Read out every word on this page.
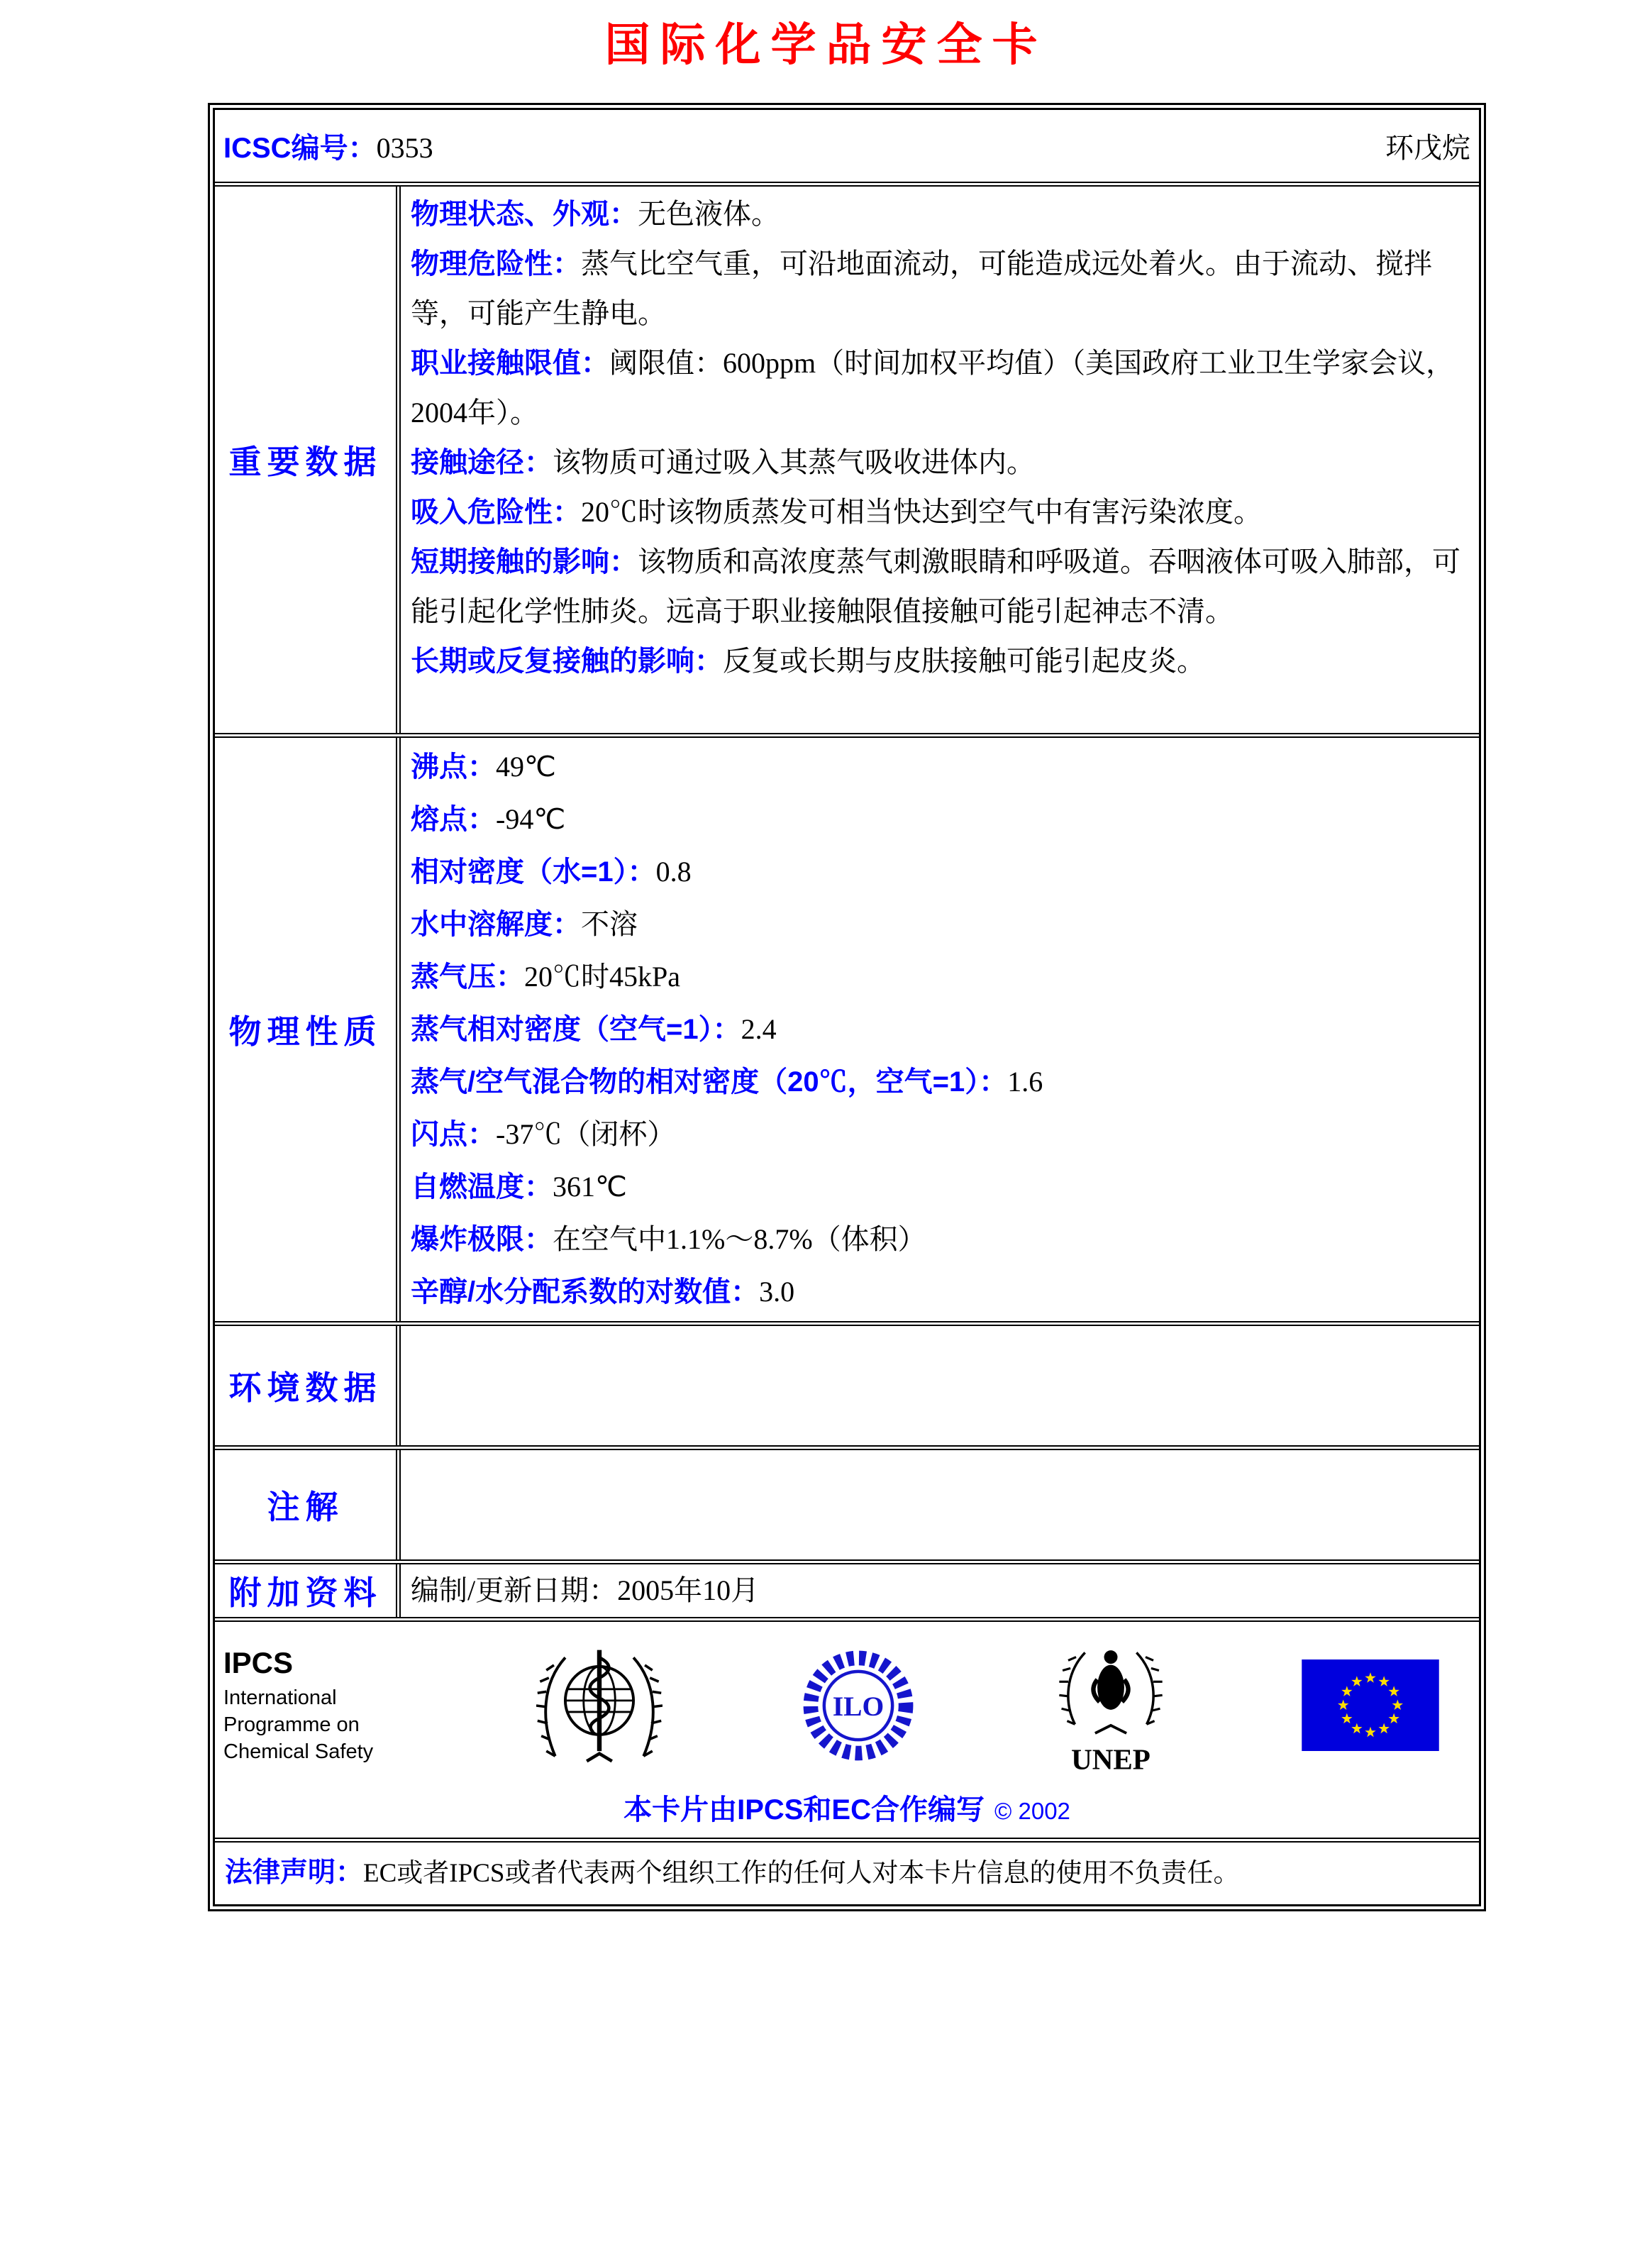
国际化学品安全卡
ICSC编号：0353	环戊烷
重要数据
物理状态、外观：无色液体。
物理危险性：蒸气比空气重，可沿地面流动，可能造成远处着火。由于流动、搅拌等，可能产生静电。
职业接触限值：阈限值：600ppm（时间加权平均值）（美国政府工业卫生学家会议，2004年）。
接触途径：该物质可通过吸入其蒸气吸收进体内。
吸入危险性：20℃时该物质蒸发可相当快达到空气中有害污染浓度。
短期接触的影响：该物质和高浓度蒸气刺激眼睛和呼吸道。吞咽液体可吸入肺部，可能引起化学性肺炎。远高于职业接触限值接触可能引起神志不清。
长期或反复接触的影响：反复或长期与皮肤接触可能引起皮炎。
物理性质
沸点：49℃
熔点：-94℃
相对密度（水=1）：0.8
水中溶解度：不溶
蒸气压：20℃时45kPa
蒸气相对密度（空气=1）：2.4
蒸气/空气混合物的相对密度（20℃，空气=1）：1.6
闪点：-37℃（闭杯）
自燃温度：361℃
爆炸极限：在空气中1.1%～8.7%（体积）
辛醇/水分配系数的对数值：3.0
环境数据
注解
附加资料	编制/更新日期：2005年10月
IPCS
International
Programme on
Chemical Safety
ILO
UNEP
本卡片由IPCS和EC合作编写 © 2002
法律声明：EC或者IPCS或者代表两个组织工作的任何人对本卡片信息的使用不负责任。
